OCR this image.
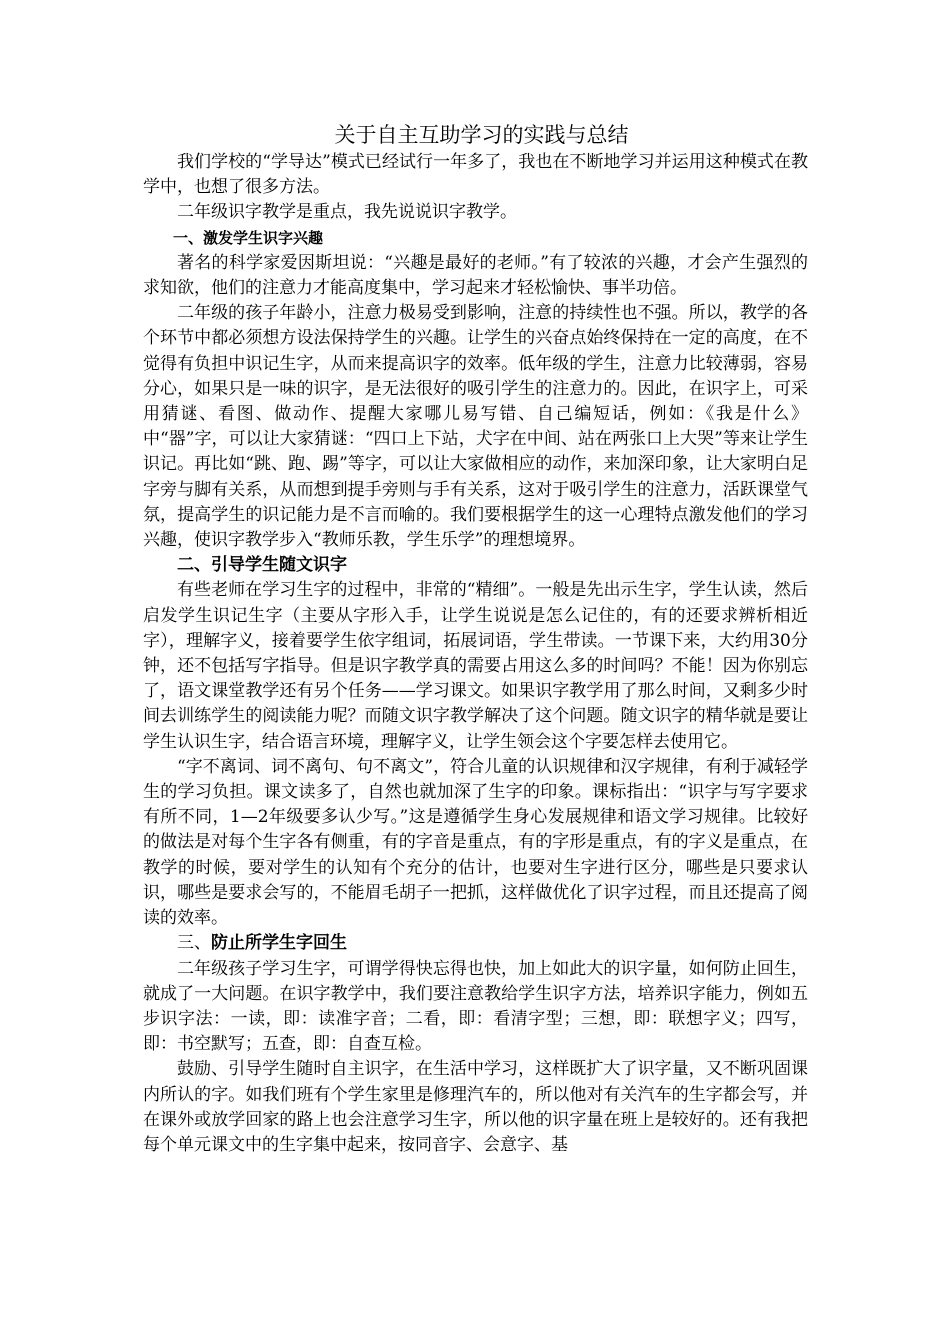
关于自主互助学习的实践与总结

我们学校的“学导达”模式已经试行一年多了，我也在不断地学习并运用这种模式在教学中，也想了很多方法。

二年级识字教学是重点，我先说说识字教学。

一、激发学生识字兴趣

著名的科学家爱因斯坦说：“兴趣是最好的老师。”有了较浓的兴趣，才会产生强烈的求知欲，他们的注意力才能高度集中，学习起来才轻松愉快、事半功倍。

二年级的孩子年龄小，注意力极易受到影响，注意的持续性也不强。所以，教学的各个环节中都必须想方设法保持学生的兴趣。让学生的兴奋点始终保持在一定的高度，在不觉得有负担中识记生字，从而来提高识字的效率。低年级的学生，注意力比较薄弱，容易分心，如果只是一味的识字，是无法很好的吸引学生的注意力的。因此，在识字上，可采用猜谜、看图、做动作、提醒大家哪儿易写错、自己编短话，例如：《我是什么》中“器”字，可以让大家猜谜：“四口上下站，犬字在中间、站在两张口上大哭”等来让学生识记。再比如“跳、跑、踢”等字，可以让大家做相应的动作，来加深印象，让大家明白足字旁与脚有关系，从而想到提手旁则与手有关系，这对于吸引学生的注意力，活跃课堂气氛，提高学生的识记能力是不言而喻的。我们要根据学生的这一心理特点激发他们的学习兴趣，使识字教学步入“教师乐教，学生乐学”的理想境界。

二、引导学生随文识字

有些老师在学习生字的过程中，非常的“精细”。一般是先出示生字，学生认读，然后启发学生识记生字（主要从字形入手，让学生说说是怎么记住的，有的还要求辨析相近字），理解字义，接着要学生依字组词，拓展词语，学生带读。一节课下来，大约用30分钟，还不包括写字指导。但是识字教学真的需要占用这么多的时间吗？不能！因为你别忘了，语文课堂教学还有另个任务——学习课文。如果识字教学用了那么时间，又剩多少时间去训练学生的阅读能力呢？而随文识字教学解决了这个问题。随文识字的精华就是要让学生认识生字，结合语言环境，理解字义，让学生领会这个字要怎样去使用它。

“字不离词、词不离句、句不离文”，符合儿童的认识规律和汉字规律，有利于减轻学生的学习负担。课文读多了，自然也就加深了生字的印象。课标指出：“识字与写字要求有所不同，1—2年级要多认少写。”这是遵循学生身心发展规律和语文学习规律。比较好的做法是对每个生字各有侧重，有的字音是重点，有的字形是重点，有的字义是重点，在教学的时候，要对学生的认知有个充分的估计，也要对生字进行区分，哪些是只要求认识，哪些是要求会写的，不能眉毛胡子一把抓，这样做优化了识字过程，而且还提高了阅读的效率。

三、防止所学生字回生

二年级孩子学习生字，可谓学得快忘得也快，加上如此大的识字量，如何防止回生，就成了一大问题。在识字教学中，我们要注意教给学生识字方法，培养识字能力，例如五步识字法：一读，即：读准字音；二看，即：看清字型；三想，即：联想字义；四写，即：书空默写；五查，即：自查互检。

鼓励、引导学生随时自主识字，在生活中学习，这样既扩大了识字量，又不断巩固课内所认的字。如我们班有个学生家里是修理汽车的，所以他对有关汽车的生字都会写，并在课外或放学回家的路上也会注意学习生字，所以他的识字量在班上是较好的。还有我把每个单元课文中的生字集中起来，按同音字、会意字、基
